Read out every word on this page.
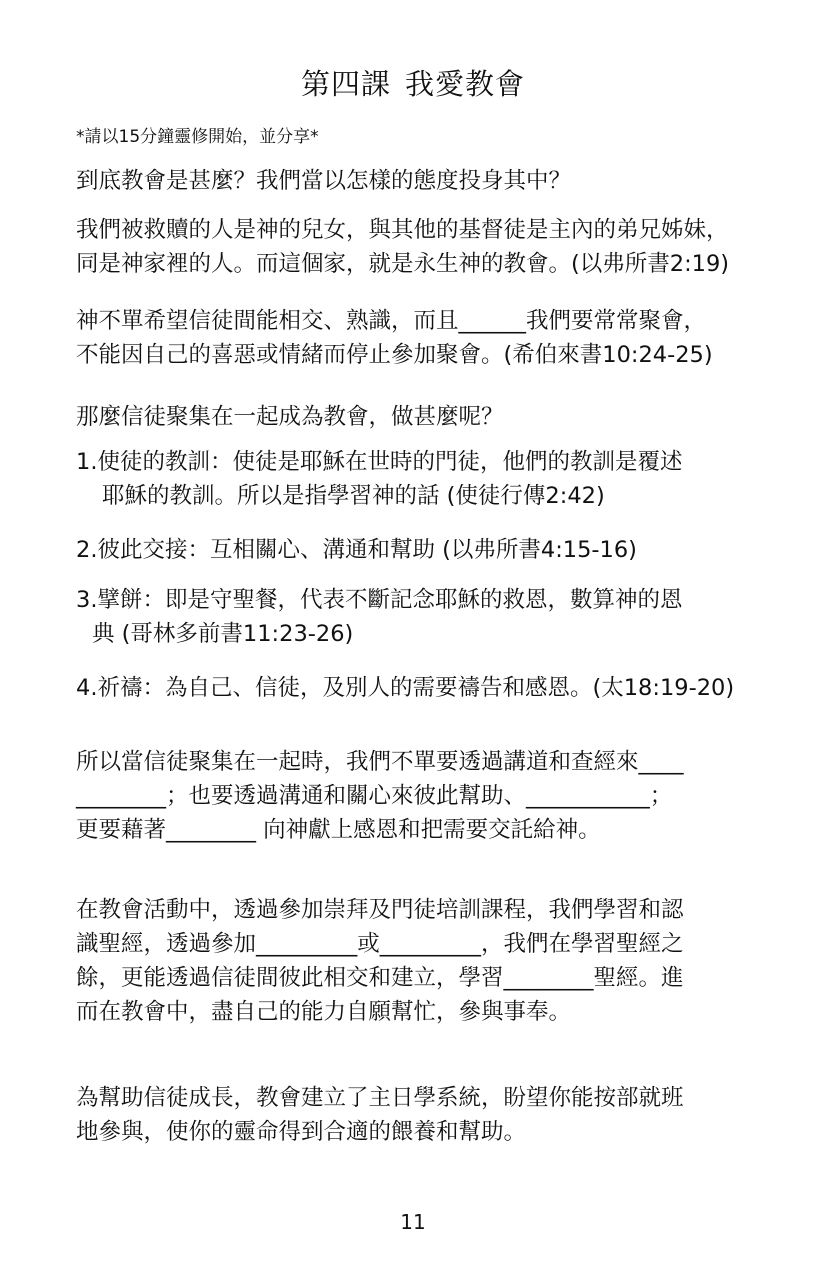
第四課 我愛教會
*請以15分鐘靈修開始，並分享*
到底教會是甚麼？我們當以怎樣的態度投身其中？
我們被救贖的人是神的兒女，與其他的基督徒是主內的弟兄姊妹，
同是神家裡的人。而這個家，就是永生神的教會。(以弗所書2:19)
神不單希望信徒間能相交、熟識，而且______我們要常常聚會，
不能因自己的喜惡或情緒而停止參加聚會。(希伯來書10:24-25)
那麼信徒聚集在一起成為教會，做甚麼呢？
1.使徒的教訓：使徒是耶穌在世時的門徒，他們的教訓是覆述
耶穌的教訓。所以是指學習神的話 (使徒行傳2:42)
2.彼此交接：互相關心、溝通和幫助 (以弗所書4:15-16)
3.擘餅：即是守聖餐，代表不斷記念耶穌的救恩，數算神的恩
典 (哥林多前書11:23-26)
4.祈禱：為自己、信徒，及別人的需要禱告和感恩。(太18:19-20)
所以當信徒聚集在一起時，我們不單要透過講道和查經來____
________；也要透過溝通和關心來彼此幫助、___________；
更要藉著________ 向神獻上感恩和把需要交託給神。
在教會活動中，透過參加崇拜及門徒培訓課程，我們學習和認
識聖經，透過參加_________或_________，我們在學習聖經之
餘，更能透過信徒間彼此相交和建立，學習________聖經。進
而在教會中，盡自己的能力自願幫忙，參與事奉。
為幫助信徒成長，教會建立了主日學系統，盼望你能按部就班
地參與，使你的靈命得到合適的餵養和幫助。
11
